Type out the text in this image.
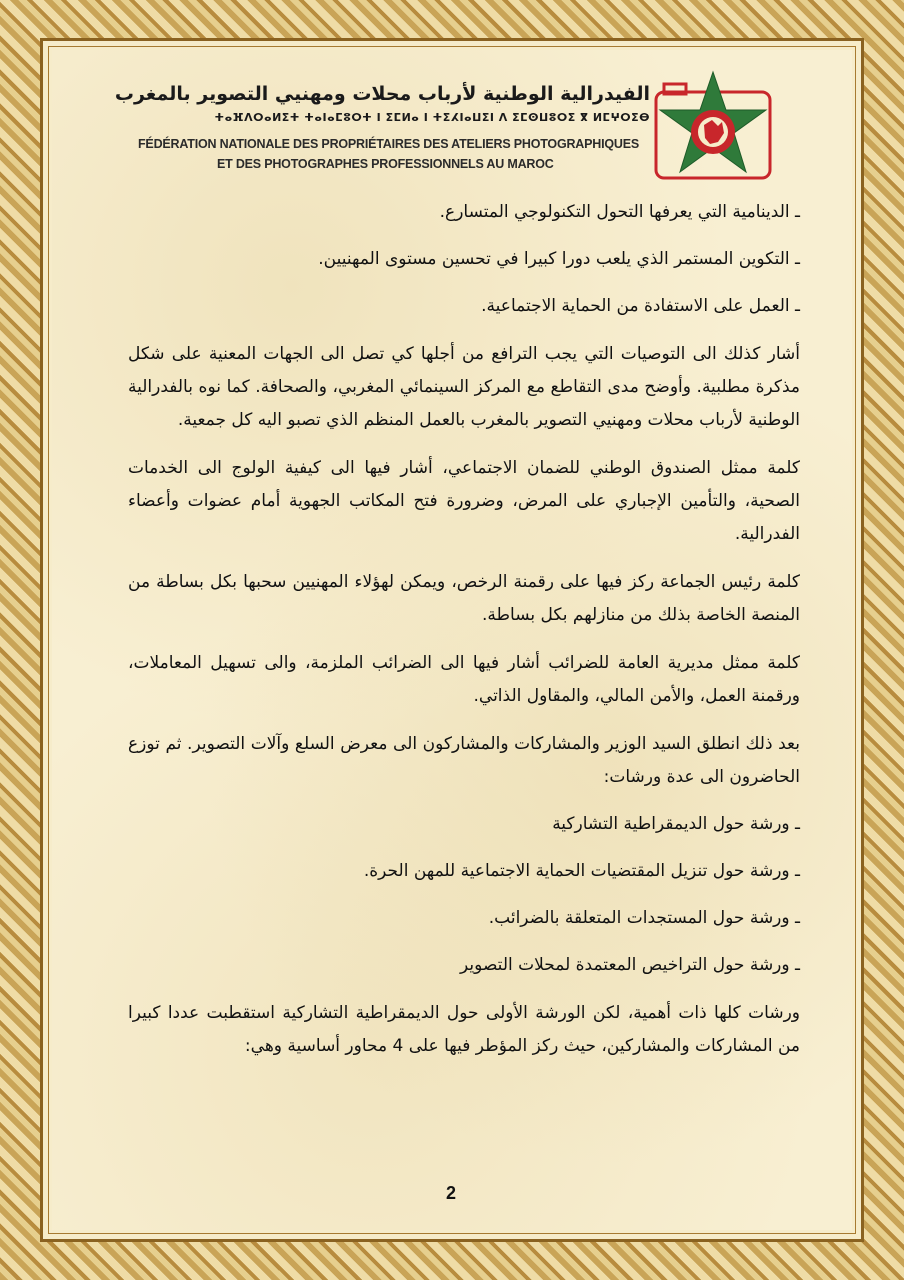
الفيدرالية الوطنية لأرباب محلات ومهنيي التصوير بالمغرب
ⵜⴰⴼⴷⵔⴰⵍⵉⵜ ⵜⴰⵏⴰⵎⵓⵔⵜ ⵏ ⵉⵎⵍⴰ ⵏ ⵜⵉⵃⵏⴰⵡⵉⵏ ⴷ ⵉⵎⵙⵡⵓⵔⵉ ⴳ ⵍⵎⵖⵔⵉⴱ
FÉDÉRATION NATIONALE DES PROPRIÉTAIRES DES ATELIERS PHOTOGRAPHIQUES
ET DES PHOTOGRAPHES PROFESSIONNELS AU MAROC

ـ الدينامية التي يعرفها التحول التكنولوجي المتسارع.

ـ التكوين المستمر الذي يلعب دورا كبيرا في تحسين مستوى المهنيين.

ـ العمل على الاستفادة من الحماية الاجتماعية.

أشار كذلك الى التوصيات التي يجب الترافع من أجلها كي تصل الى الجهات المعنية على شكل مذكرة مطلبية. وأوضح مدى التقاطع مع المركز السينمائي المغربي، والصحافة. كما نوه بالفدرالية الوطنية لأرباب محلات ومهنيي التصوير بالمغرب بالعمل المنظم الذي تصبو اليه كل جمعية.

كلمة ممثل الصندوق الوطني للضمان الاجتماعي، أشار فيها الى كيفية الولوج الى الخدمات الصحية، والتأمين الإجباري على المرض، وضرورة فتح المكاتب الجهوية أمام عضوات وأعضاء الفدرالية.

كلمة رئيس الجماعة ركز فيها على رقمنة الرخص، ويمكن لهؤلاء المهنيين سحبها بكل بساطة من المنصة الخاصة بذلك من منازلهم بكل بساطة.

كلمة ممثل مديرية العامة للضرائب أشار فيها الى الضرائب الملزمة، والى تسهيل المعاملات، ورقمنة العمل، والأمن المالي، والمقاول الذاتي.

بعد ذلك انطلق السيد الوزير والمشاركات والمشاركون الى معرض السلع وآلات التصوير. ثم توزع الحاضرون الى عدة ورشات:

ـ ورشة حول الديمقراطية التشاركية

ـ ورشة حول تنزيل المقتضيات الحماية الاجتماعية للمهن الحرة.

ـ ورشة حول المستجدات المتعلقة بالضرائب.

ـ ورشة حول التراخيص المعتمدة لمحلات التصوير

ورشات كلها ذات أهمية، لكن الورشة الأولى حول الديمقراطية التشاركية استقطبت عددا كبيرا من المشاركات والمشاركين، حيث ركز المؤطر فيها على 4 محاور أساسية وهي:

2
